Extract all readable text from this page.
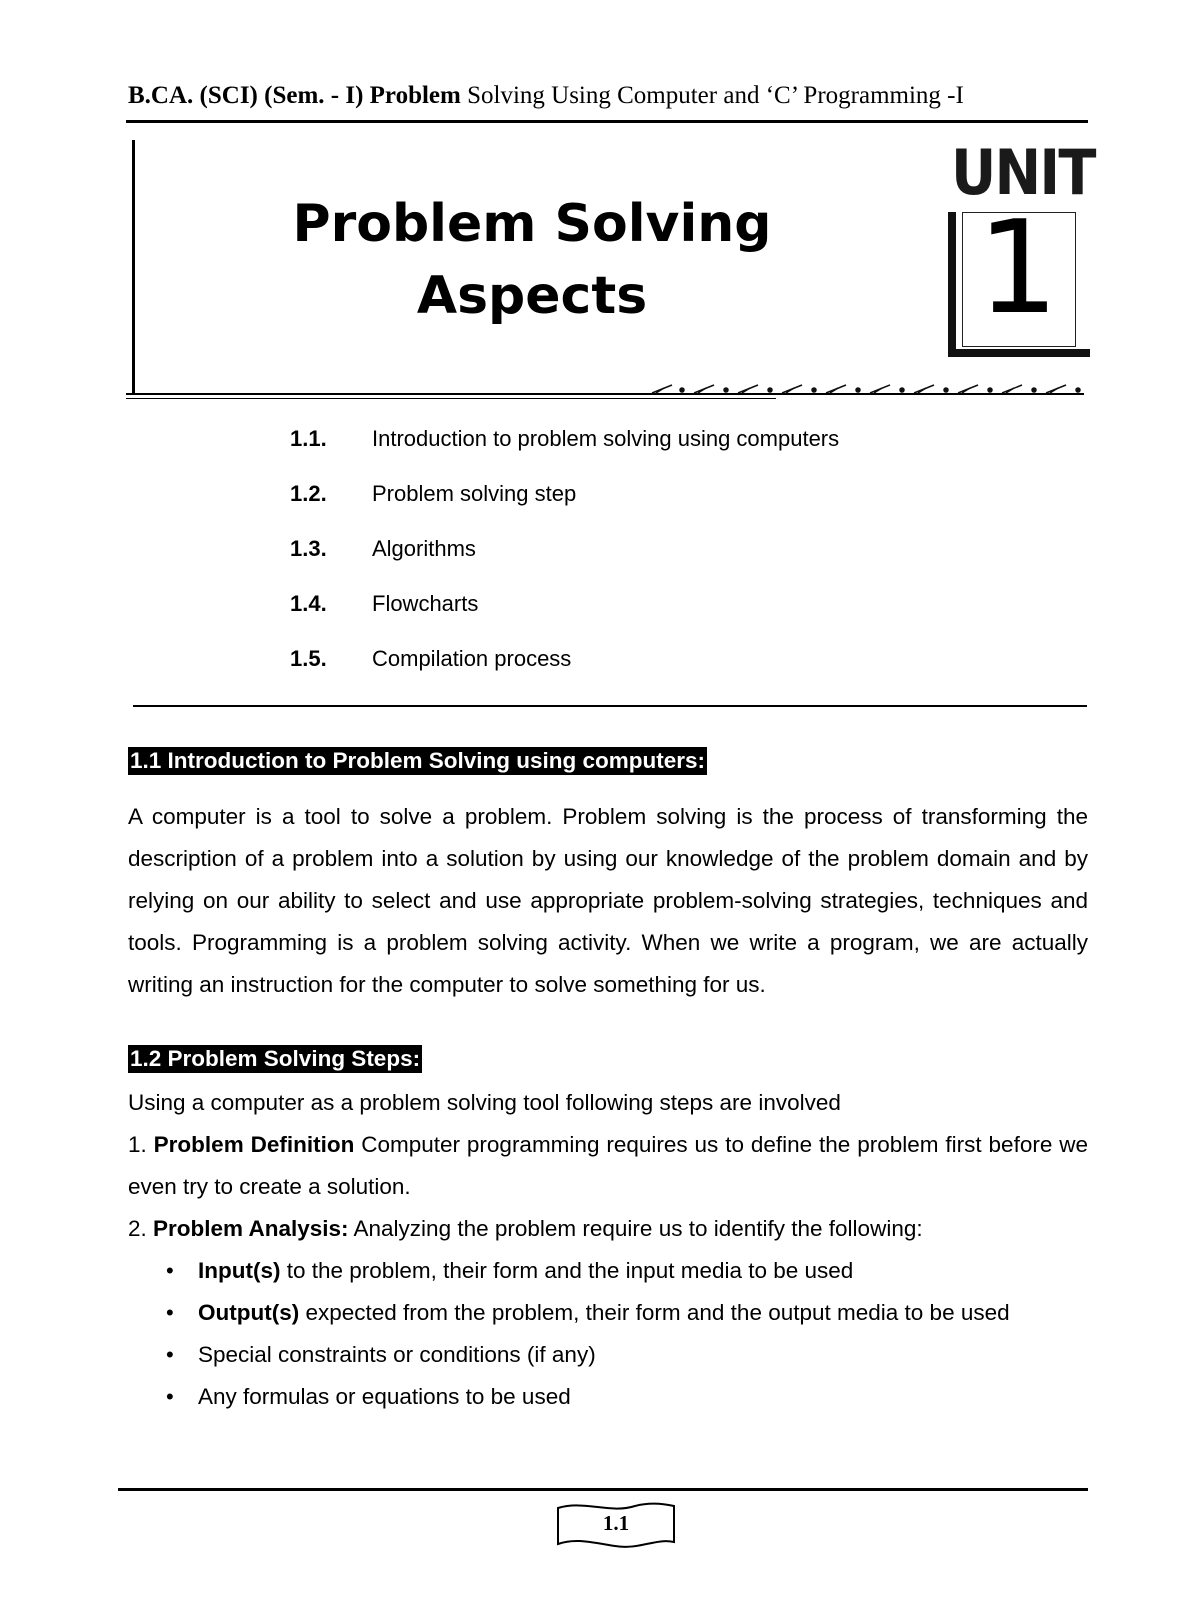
B.CA. (SCI) (Sem. - I) Problem Solving Using Computer and ‘C’ Programming -I
Problem Solving
Aspects
UNIT
1
1.1. Introduction to problem solving using computers
1.2. Problem solving step
1.3. Algorithms
1.4. Flowcharts
1.5. Compilation process
1.1 Introduction to Problem Solving using computers:
A computer is a tool to solve a problem. Problem solving is the process of transforming the description of a problem into a solution by using our knowledge of the problem domain and by relying on our ability to select and use appropriate problem-solving strategies, techniques and tools. Programming is a problem solving activity. When we write a program, we are actually writing an instruction for the computer to solve something for us.
1.2 Problem Solving Steps:
Using a computer as a problem solving tool following steps are involved
1. Problem Definition Computer programming requires us to define the problem first before we even try to create a solution.
2. Problem Analysis: Analyzing the problem require us to identify the following:
• Input(s) to the problem, their form and the input media to be used
• Output(s) expected from the problem, their form and the output media to be used
• Special constraints or conditions (if any)
• Any formulas or equations to be used
1.1
